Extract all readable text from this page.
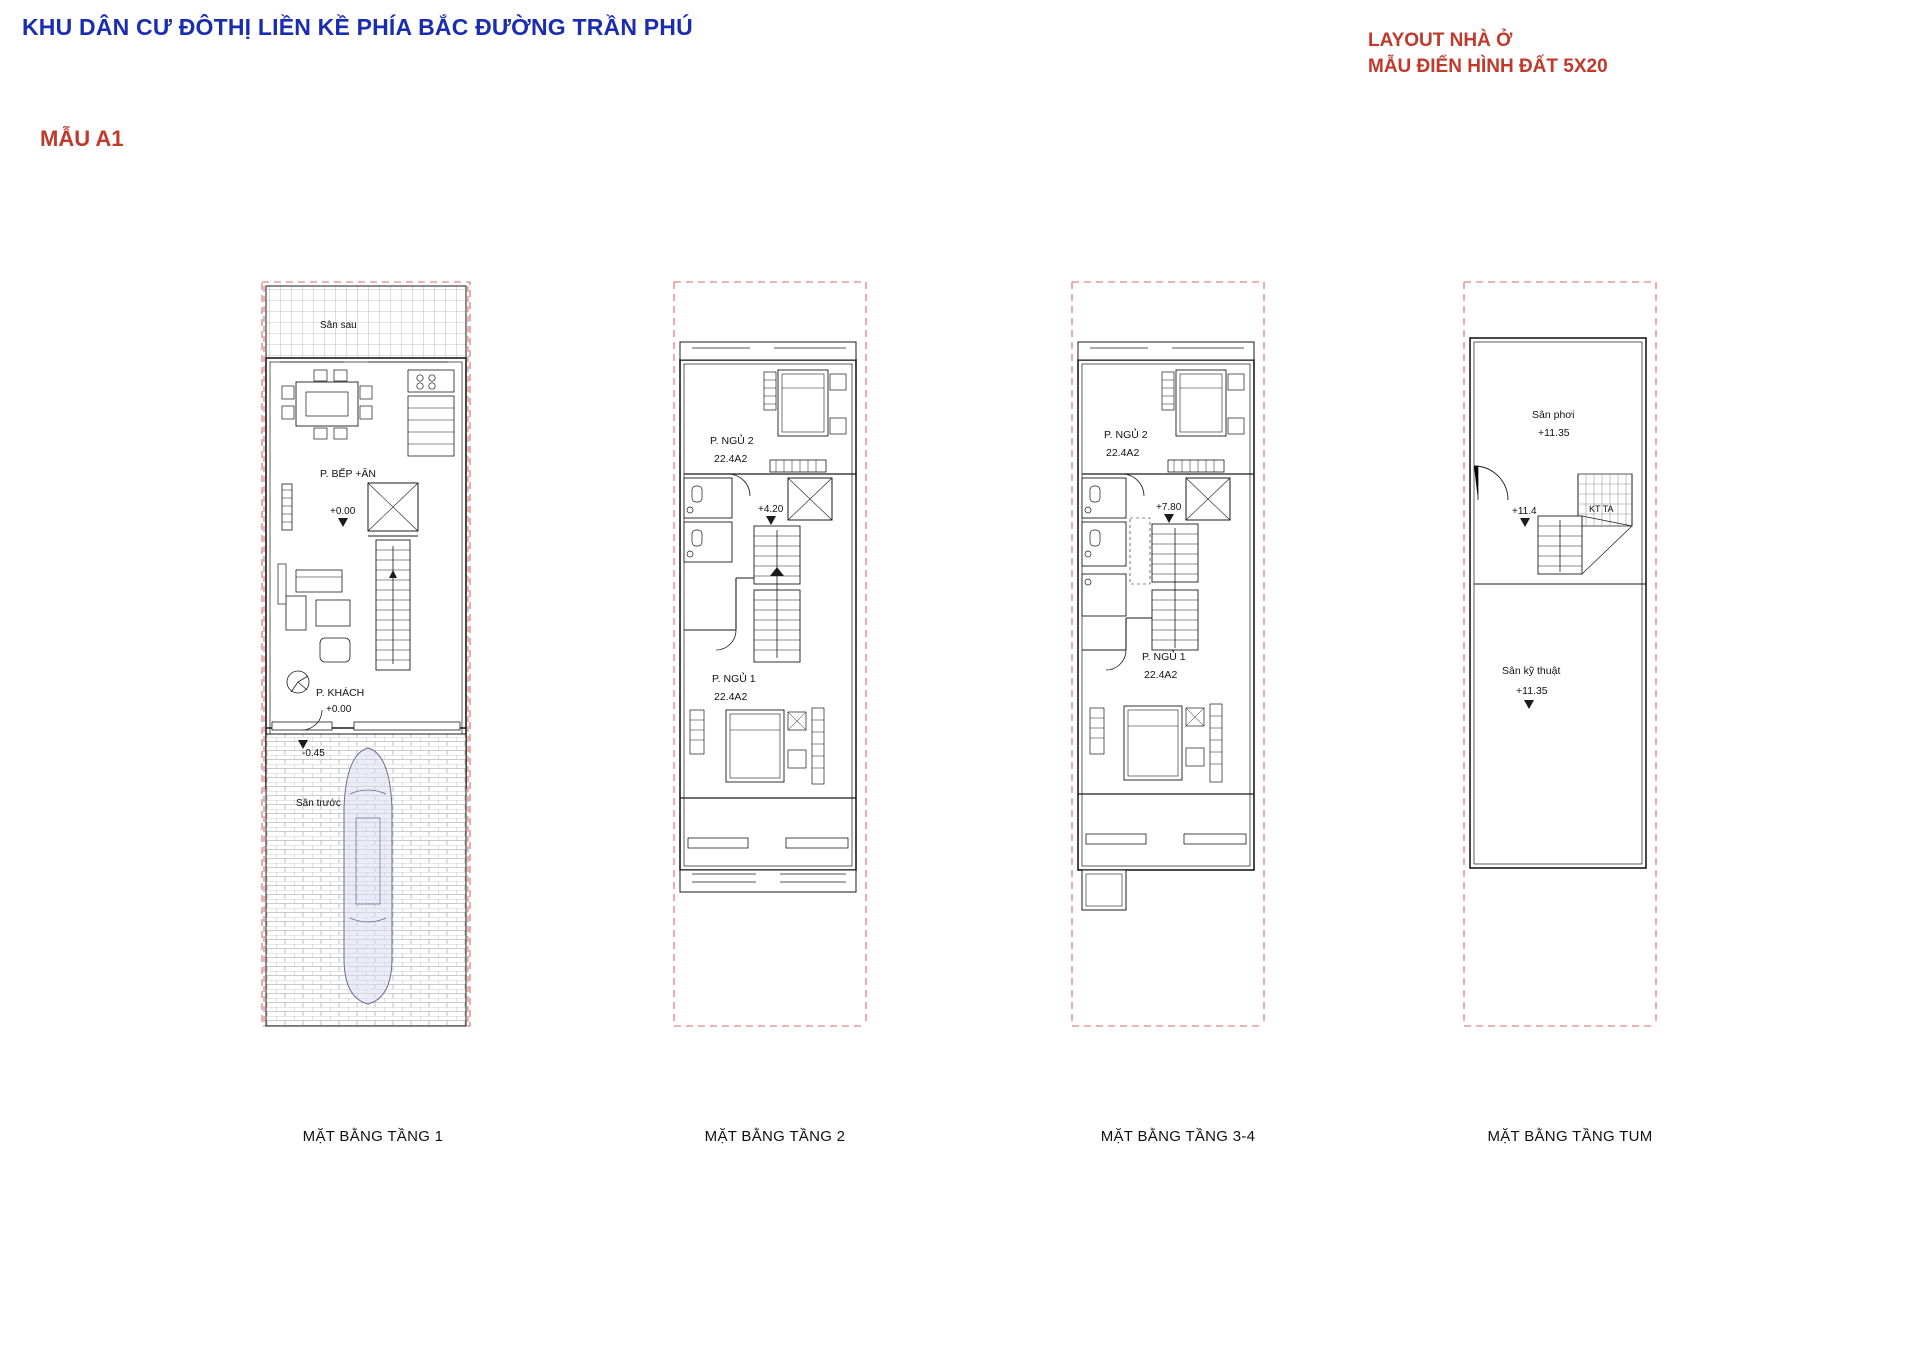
KHU DÂN CƯ ĐÔTHỊ LIỀN KỀ PHÍA BẮC ĐƯỜNG TRẦN PHÚ
LAYOUT NHÀ Ở
MẪU ĐIỂN HÌNH ĐẤT 5X20
MẪU A1
Sân sau
P. BẾP +ĂN
+0.00
P. KHÁCH
+0.00
-0.45
Sân trước
MẶT BẰNG TẦNG 1
P. NGỦ 2
22.4A2
+4.20
P. NGỦ 1
22.4A2
MẶT BẰNG TẦNG 2
P. NGỦ 2
22.4A2
+7.80
P. NGỦ 1
22.4A2
MẶT BẰNG TẦNG 3-4
Sân phơi
+11.35
KT TA
+11.4
Sân kỹ thuật
+11.35
MẶT BẰNG TẦNG TUM
